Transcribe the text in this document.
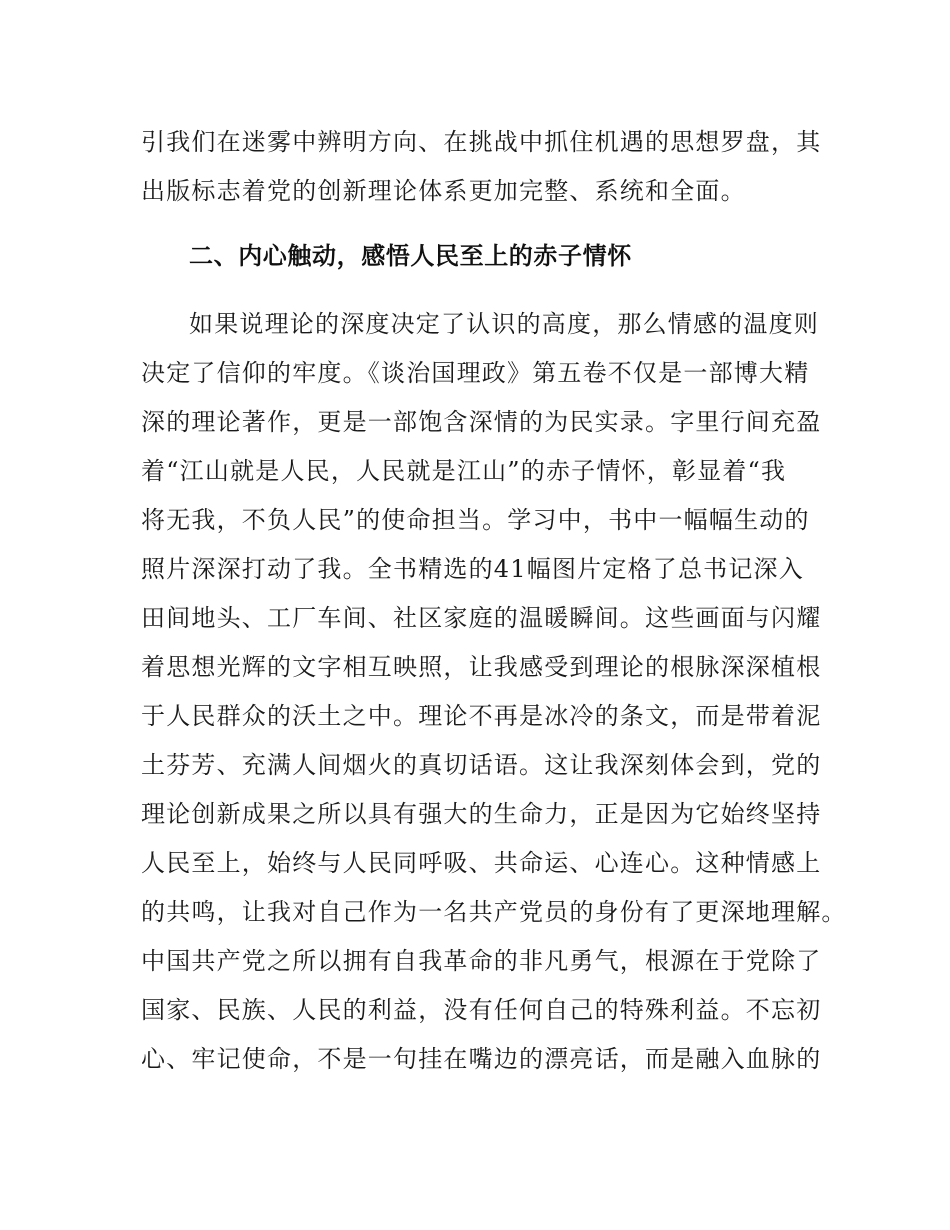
引我们在迷雾中辨明方向、在挑战中抓住机遇的思想罗盘，其
出版标志着党的创新理论体系更加完整、系统和全面。
二、内心触动，感悟人民至上的赤子情怀
如果说理论的深度决定了认识的高度，那么情感的温度则
决定了信仰的牢度。《谈治国理政》第五卷不仅是一部博大精
深的理论著作，更是一部饱含深情的为民实录。字里行间充盈
着“江山就是人民，人民就是江山”的赤子情怀，彰显着“我
将无我，不负人民”的使命担当。学习中，书中一幅幅生动的
照片深深打动了我。全书精选的41幅图片定格了总书记深入
田间地头、工厂车间、社区家庭的温暖瞬间。这些画面与闪耀
着思想光辉的文字相互映照，让我感受到理论的根脉深深植根
于人民群众的沃土之中。理论不再是冰冷的条文，而是带着泥
土芬芳、充满人间烟火的真切话语。这让我深刻体会到，党的
理论创新成果之所以具有强大的生命力，正是因为它始终坚持
人民至上，始终与人民同呼吸、共命运、心连心。这种情感上
的共鸣，让我对自己作为一名共产党员的身份有了更深地理解。
中国共产党之所以拥有自我革命的非凡勇气，根源在于党除了
国家、民族、人民的利益，没有任何自己的特殊利益。不忘初
心、牢记使命，不是一句挂在嘴边的漂亮话，而是融入血脉的
